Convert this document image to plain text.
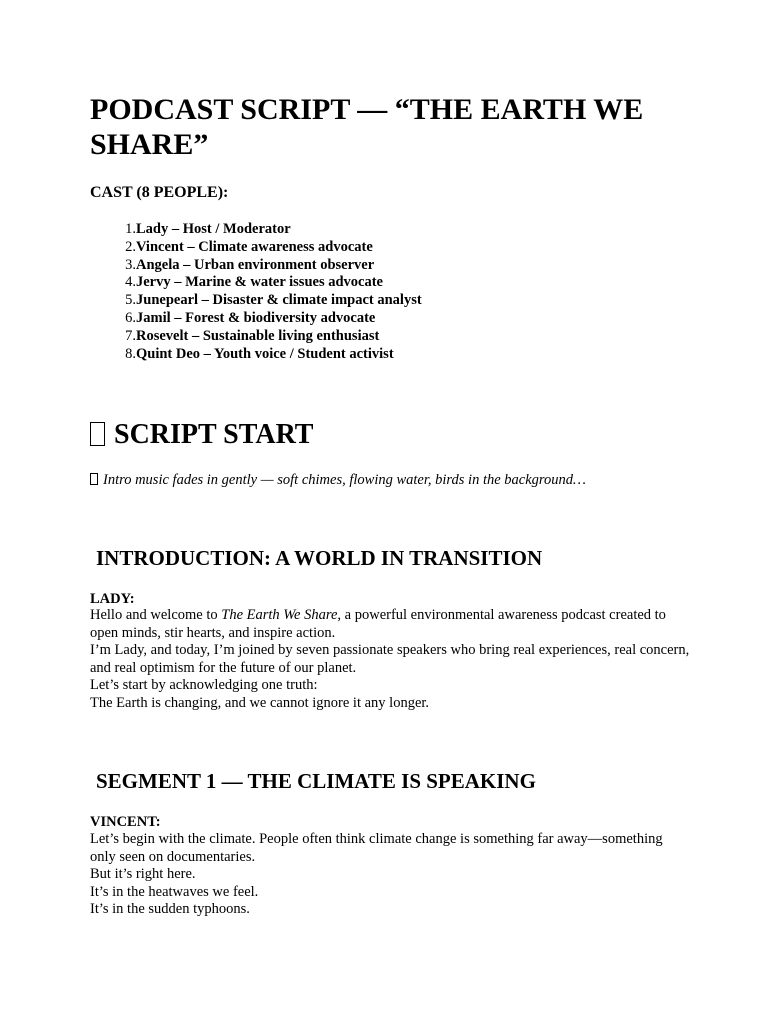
PODCAST SCRIPT — “THE EARTH WE SHARE”
CAST (8 PEOPLE):
1.Lady – Host / Moderator
2.Vincent – Climate awareness advocate
3.Angela – Urban environment observer
4.Jervy – Marine & water issues advocate
5.Junepearl – Disaster & climate impact analyst
6.Jamil – Forest & biodiversity advocate
7.Rosevelt – Sustainable living enthusiast
8.Quint Deo – Youth voice / Student activist
SCRIPT START

Intro music fades in gently — soft chimes, flowing water, birds in the background…

INTRODUCTION: A WORLD IN TRANSITION

LADY:

Hello and welcome to The Earth We Share, a powerful environmental awareness podcast created to open minds, stir hearts, and inspire action.

I’m Lady, and today, I’m joined by seven passionate speakers who bring real experiences, real concern, and real optimism for the future of our planet.

Let’s start by acknowledging one truth:

The Earth is changing, and we cannot ignore it any longer.

SEGMENT 1 — THE CLIMATE IS SPEAKING

VINCENT:

Let’s begin with the climate. People often think climate change is something far away—something only seen on documentaries.

But it’s right here.

It’s in the heatwaves we feel.

It’s in the sudden typhoons.
